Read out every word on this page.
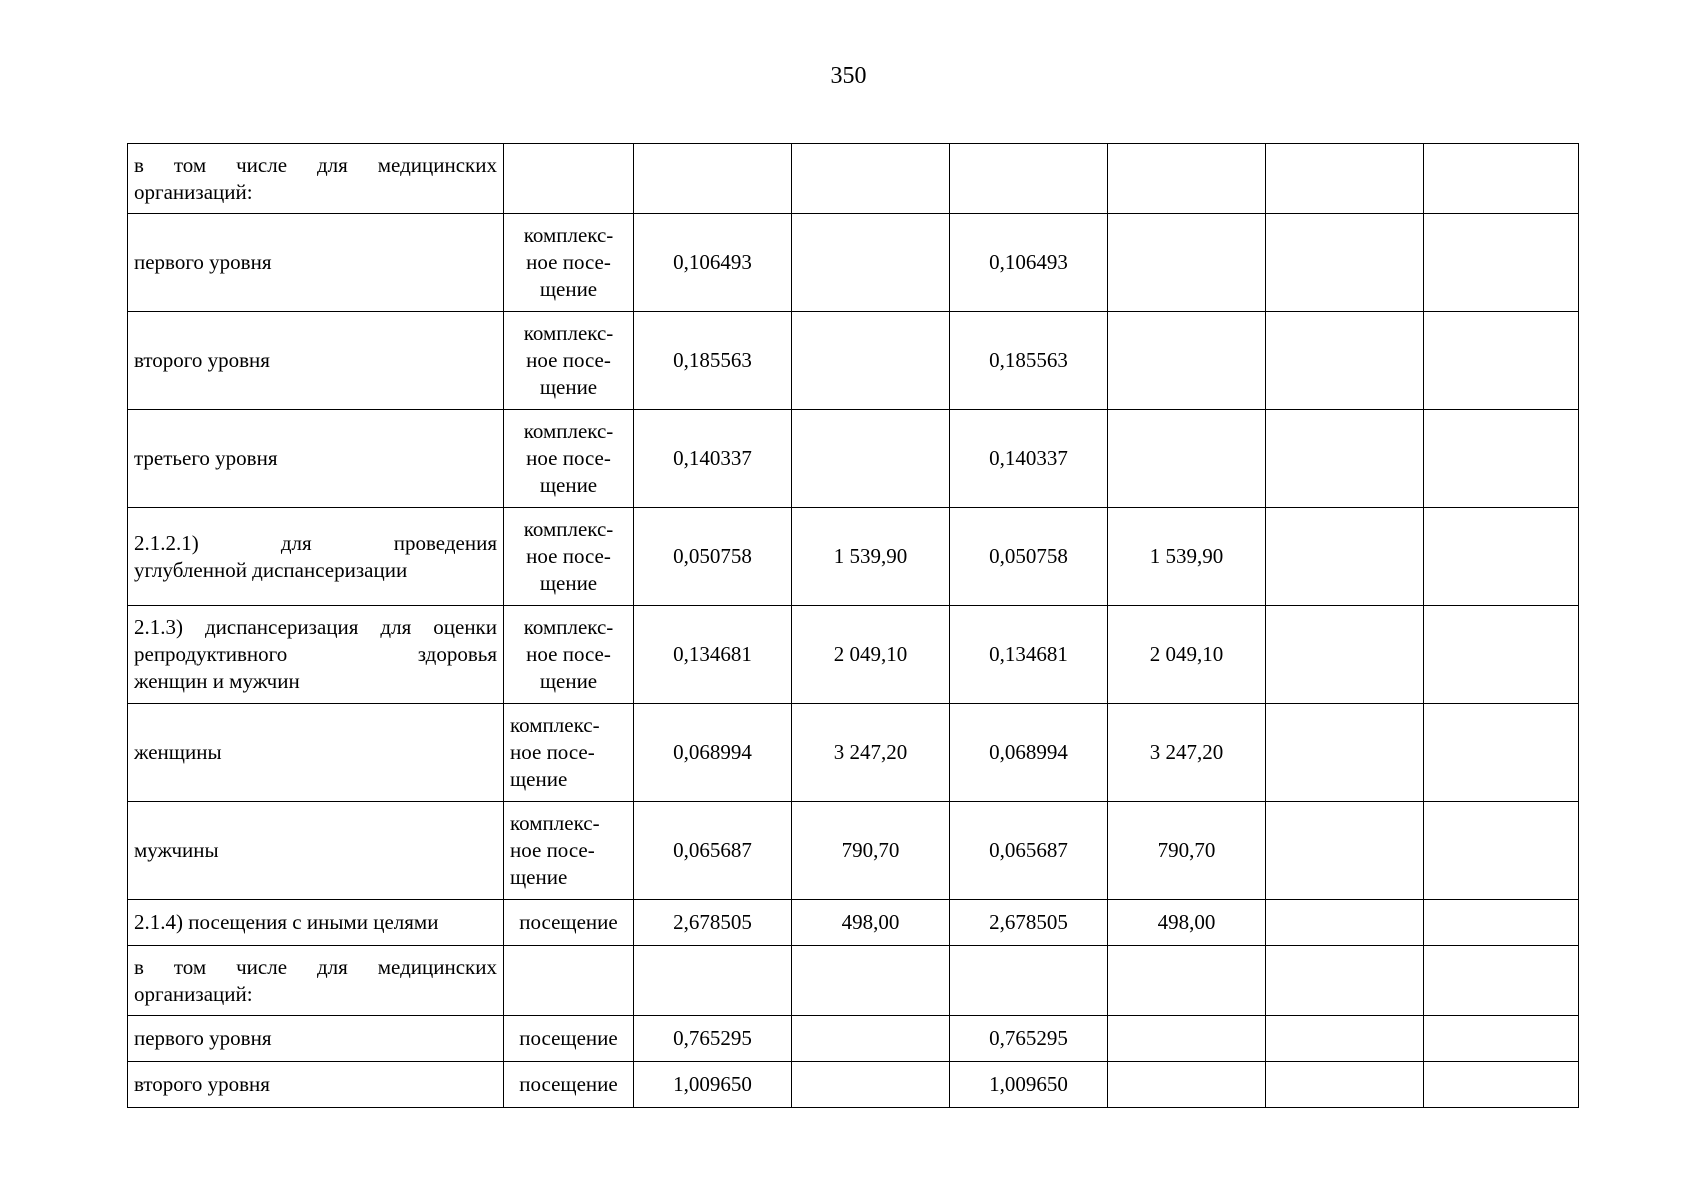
350
в том числе для медицинских
организаций:							

первого уровня	комплекс-ное посе-щение	0,106493		0,106493			
второго уровня	комплекс-ное посе-щение	0,185563		0,185563			
третьего уровня	комплекс-ное посе-щение	0,140337		0,140337			

2.1.2.1) для проведения
углубленной диспансеризации	комплекс-ное посе-щение	0,050758	1 539,90	0,050758	1 539,90		

2.1.3) диспансеризация для оценки
репродуктивного здоровья
женщин и мужчин	комплекс-ное посе-щение	0,134681	2 049,10	0,134681	2 049,10		
женщины	комплекс-ное посе-щение	0,068994	3 247,20	0,068994	3 247,20		
мужчины	комплекс-ное посе-щение	0,065687	790,70	0,065687	790,70		
2.1.4) посещения с иными целями	посещение	2,678505	498,00	2,678505	498,00		

в том числе для медицинских
организаций:							

первого уровня	посещение	0,765295		0,765295			
второго уровня	посещение	1,009650		1,009650			
